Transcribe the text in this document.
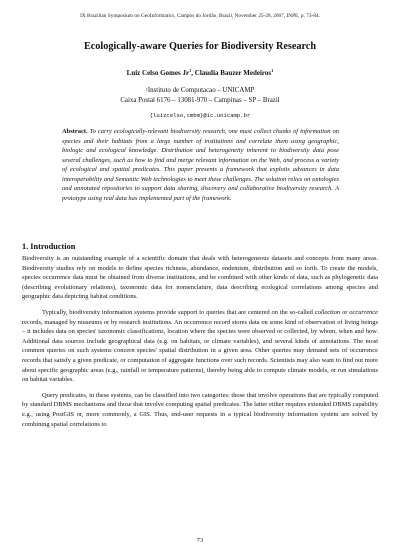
IX Brazilian Symposium on GeoInformatics, Campos do Jordão, Brazil, November 25-28, 2007, INPE, p. 73-84.
Ecologically-aware Queries for Biodiversity Research
Luiz Celso Gomes Jr$^1$, Claudia Bauzer Medeiros$^1$
$^1$Instituto de Computacao – UNICAMP
Caixa Postal 6176 – 13081-970 – Campinas – SP – Brazil
{luizcelso,cmbm}@ic.unicamp.br
Abstract. To carry ecologically-relevant biodiversity research, one must collect chunks of information on species and their habitats from a large number of institutions and correlate them using geographic, biologic and ecological knowledge. Distribution and heterogeneity inherent to biodiversity data pose several challenges, such as how to find and merge relevant information on the Web, and process a variety of ecological and spatial predicates. This paper presents a framework that exploits advances in data interoperability and Semantic Web technologies to meet these challenges. The solution relies on ontologies and annotated repositories to support data sharing, discovery and collaborative biodiversity research. A prototype using real data has implemented part of the framework.
1. Introduction

Biodiversity is an outstanding example of a scientific domain that deals with heterogeneous datasets and concepts from many areas. Biodiversity studies rely on models to define species richness, abundance, endemism, distribution and so forth. To create the models, species occurrence data must be obtained from diverse institutions, and be combined with other kinds of data, such as phylogenetic data (describing evolutionary relations), taxonomic data for nomenclature, data describing ecological correlations among species and geographic data depicting habitat conditions.

Typically, biodiversity information systems provide support to queries that are centered on the so-called collection or occurrence records, managed by museums or by research institutions. An occurrence record stores data on some kind of observation of living beings – it includes data on species' taxonomic classifications, location where the species were observed or collected, by whom, when and how. Additional data sources include geographical data (e.g. on habitats, or climate variables), and several kinds of annotations. The most common queries on such systems concern species' spatial distribution in a given area. Other queries may demand sets of occurrence records that satisfy a given predicate, or computation of aggregate functions over such records. Scientists may also want to find out more about specific geographic areas (e.g., rainfall or temperature patterns), thereby being able to compute climate models, or run simulations on habitat variables.

Query predicates, in these systems, can be classified into two categories: those that involve operations that are typically computed by standard DBMS mechanisms and those that involve computing spatial predicates. The latter either requires extended DBMS capability e.g., using PostGIS or, more commonly, a GIS. Thus, end-user requests in a typical biodiversity information system are solved by combining spatial correlations to

73
